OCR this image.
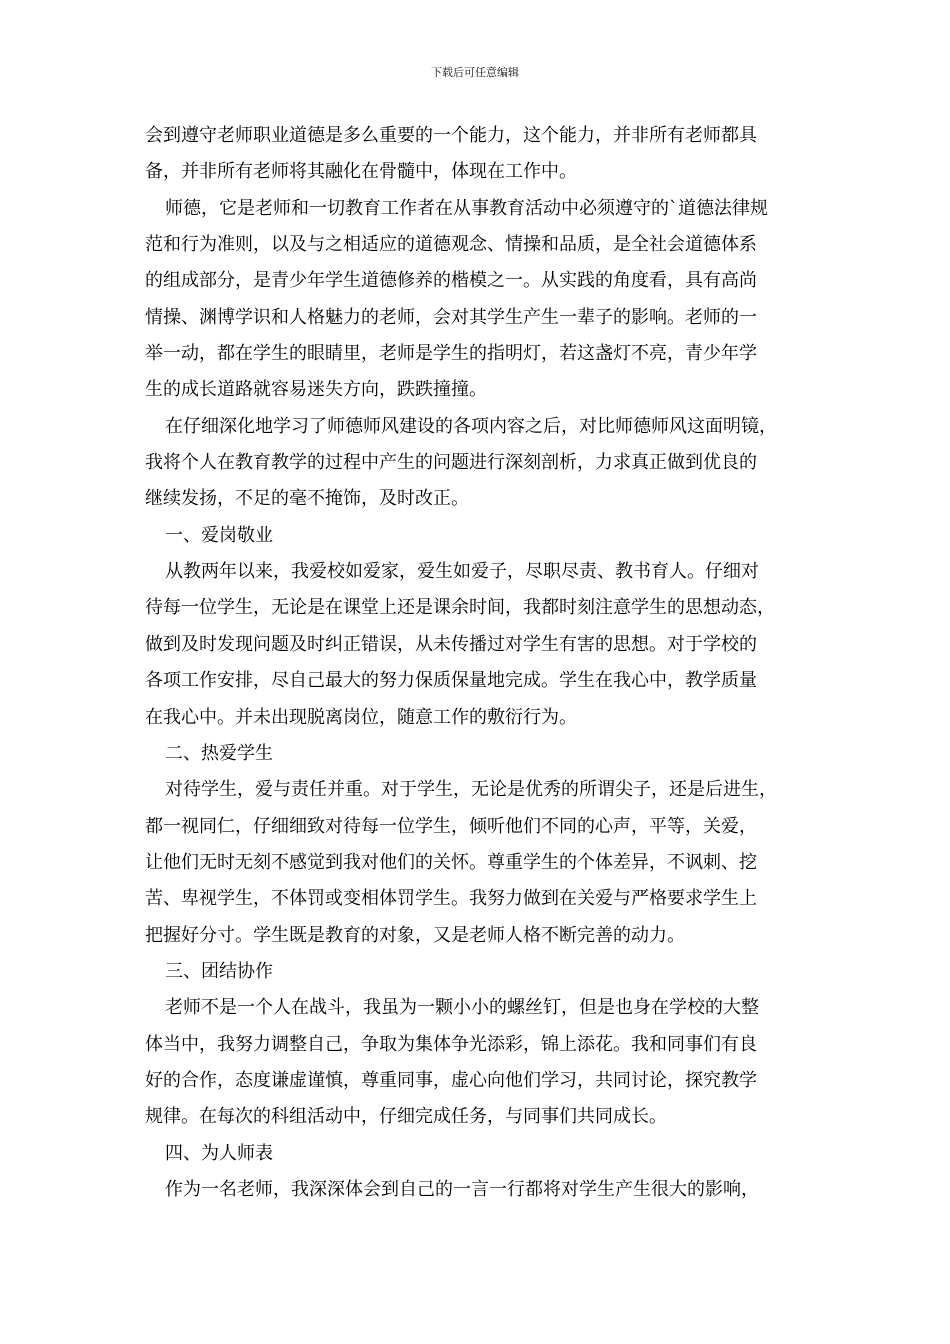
下载后可任意编辑
会到遵守老师职业道德是多么重要的一个能力，这个能力，并非所有老师都具
备，并非所有老师将其融化在骨髓中，体现在工作中。
师德，它是老师和一切教育工作者在从事教育活动中必须遵守的`道德法律规
范和行为准则，以及与之相适应的道德观念、情操和品质，是全社会道德体系
的组成部分，是青少年学生道德修养的楷模之一。从实践的角度看，具有高尚
情操、渊博学识和人格魅力的老师，会对其学生产生一辈子的影响。老师的一
举一动，都在学生的眼睛里，老师是学生的指明灯，若这盏灯不亮，青少年学
生的成长道路就容易迷失方向，跌跌撞撞。
在仔细深化地学习了师德师风建设的各项内容之后，对比师德师风这面明镜，
我将个人在教育教学的过程中产生的问题进行深刻剖析，力求真正做到优良的
继续发扬，不足的毫不掩饰，及时改正。
一、爱岗敬业
从教两年以来，我爱校如爱家，爱生如爱子，尽职尽责、教书育人。仔细对
待每一位学生，无论是在课堂上还是课余时间，我都时刻注意学生的思想动态，
做到及时发现问题及时纠正错误，从未传播过对学生有害的思想。对于学校的
各项工作安排，尽自己最大的努力保质保量地完成。学生在我心中，教学质量
在我心中。并未出现脱离岗位，随意工作的敷衍行为。
二、热爱学生
对待学生，爱与责任并重。对于学生，无论是优秀的所谓尖子，还是后进生，
都一视同仁，仔细细致对待每一位学生，倾听他们不同的心声，平等，关爱，
让他们无时无刻不感觉到我对他们的关怀。尊重学生的个体差异，不讽刺、挖
苦、卑视学生，不体罚或变相体罚学生。我努力做到在关爱与严格要求学生上
把握好分寸。学生既是教育的对象，又是老师人格不断完善的动力。
三、团结协作
老师不是一个人在战斗，我虽为一颗小小的螺丝钉，但是也身在学校的大整
体当中，我努力调整自己，争取为集体争光添彩，锦上添花。我和同事们有良
好的合作，态度谦虚谨慎，尊重同事，虚心向他们学习，共同讨论，探究教学
规律。在每次的科组活动中，仔细完成任务，与同事们共同成长。
四、为人师表
作为一名老师，我深深体会到自己的一言一行都将对学生产生很大的影响，
